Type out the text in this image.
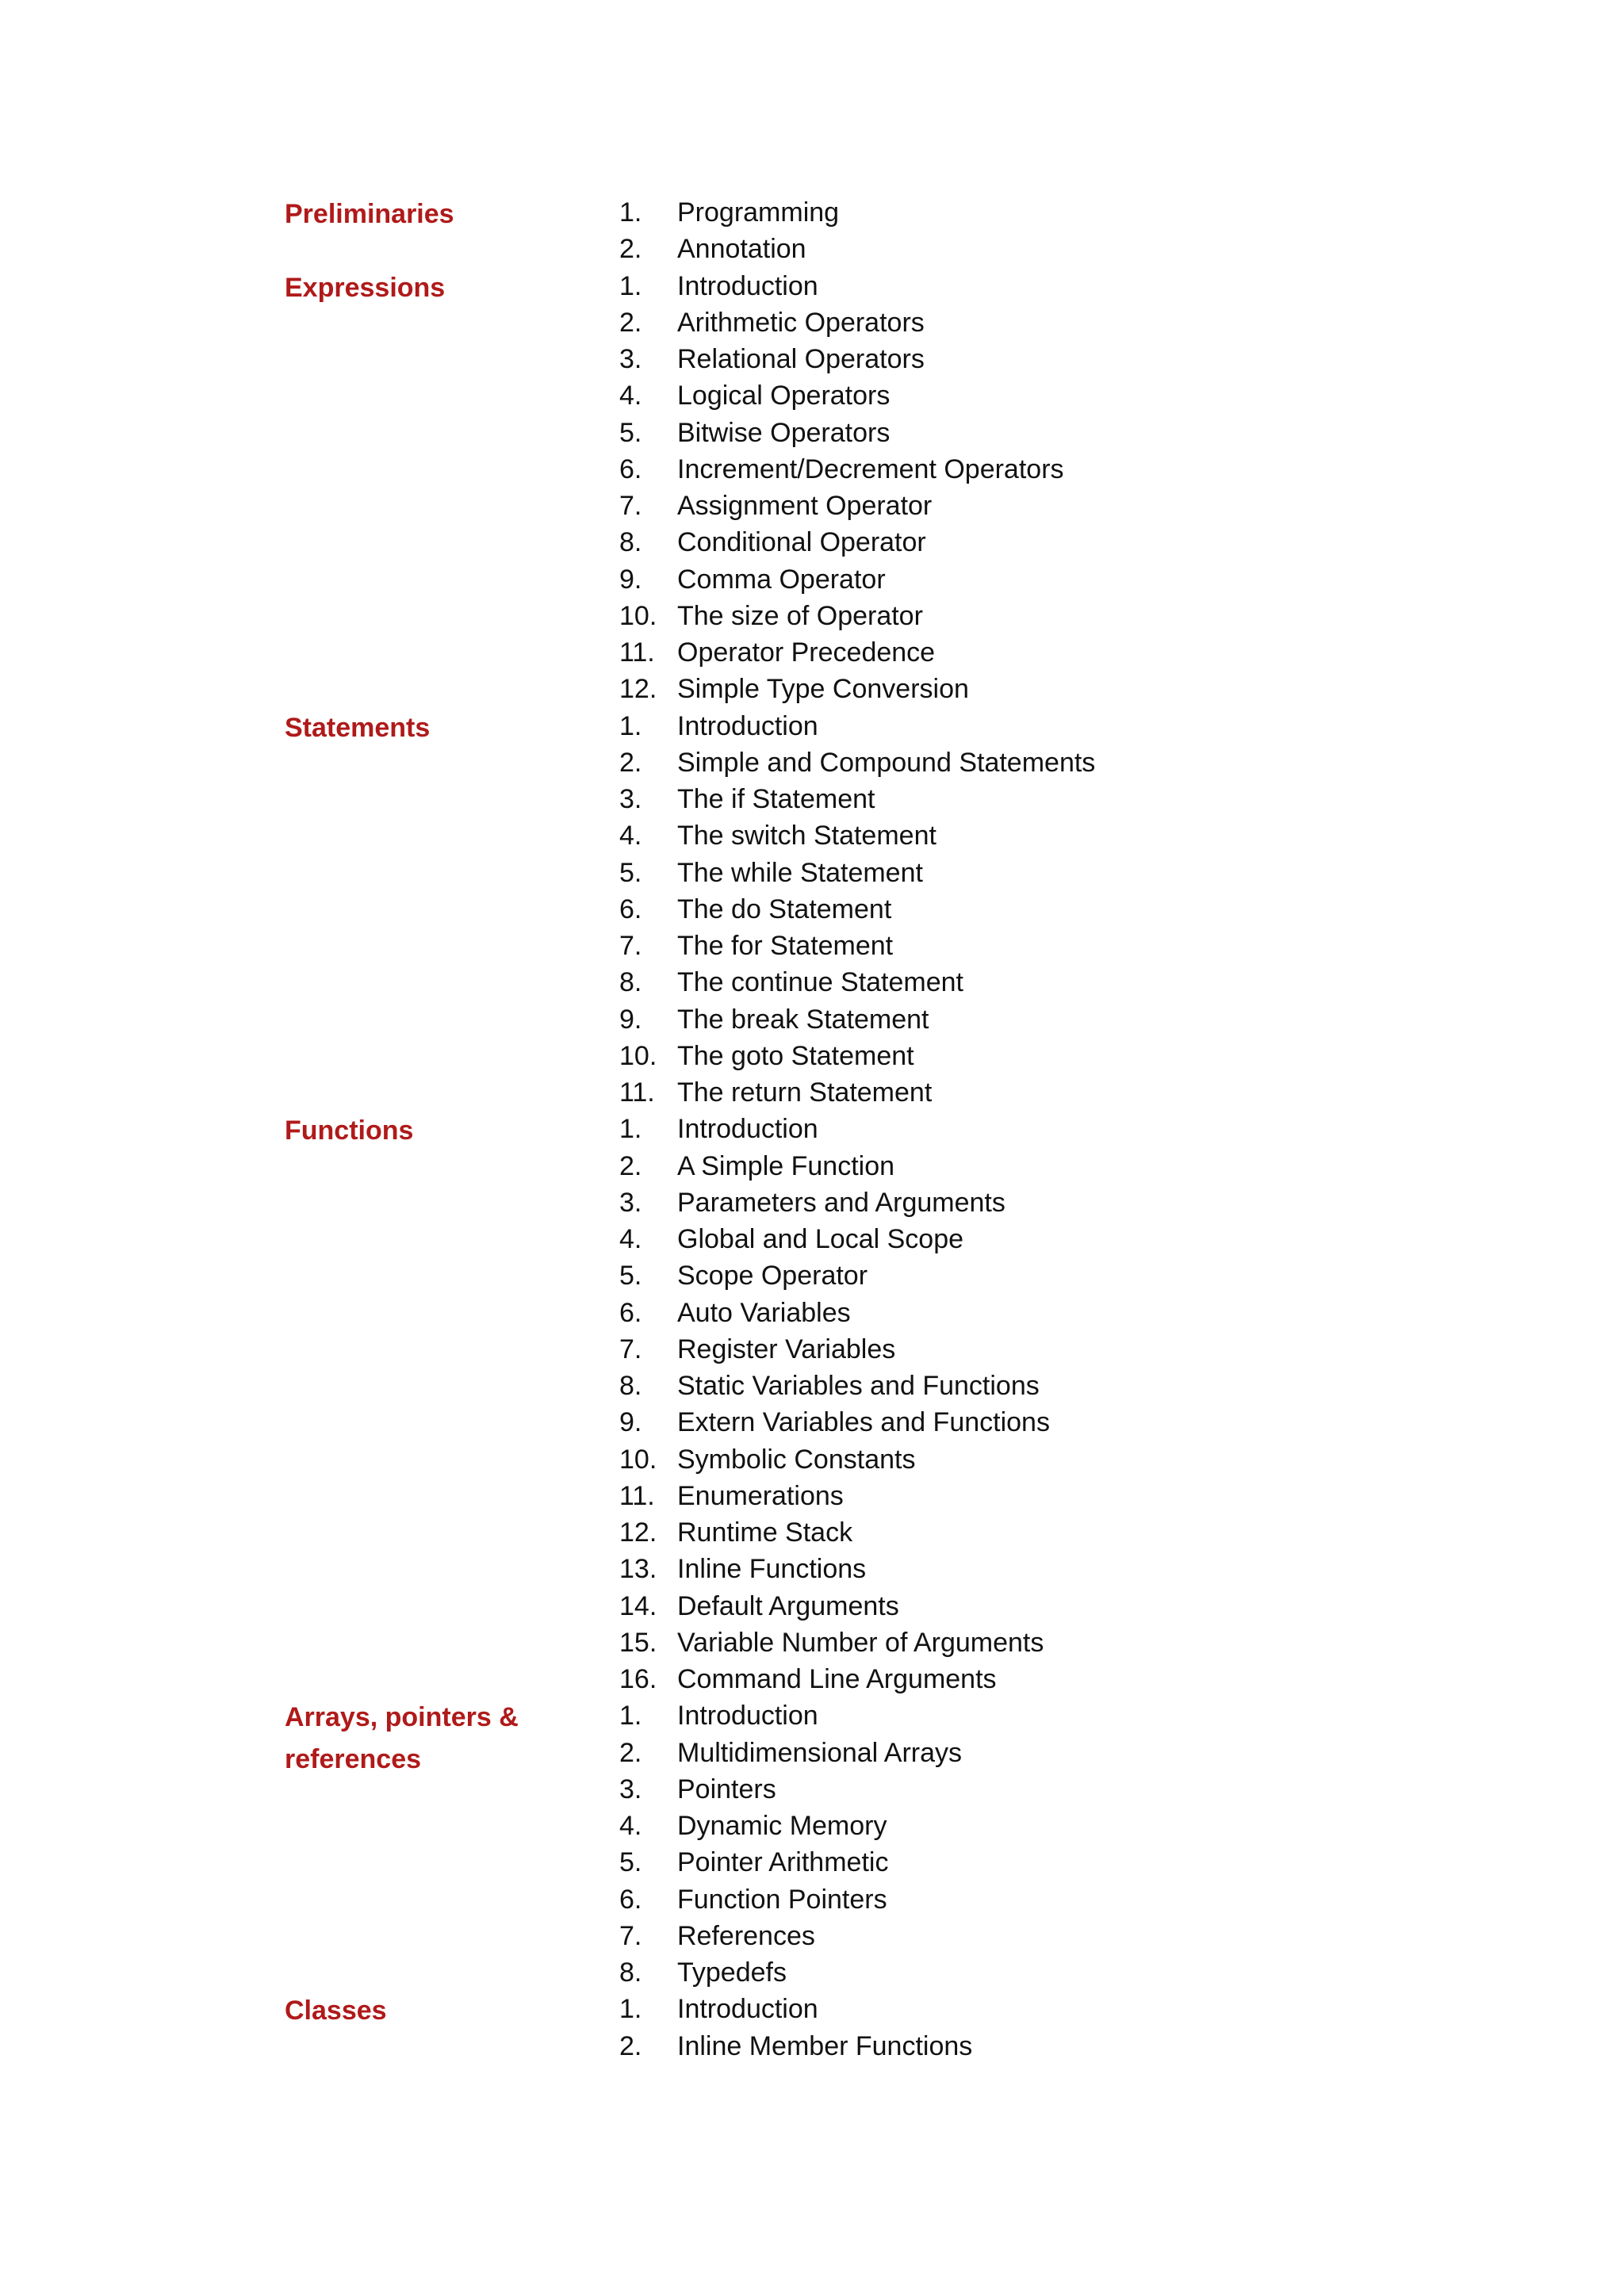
Preliminaries	1.	Programming
2.	Annotation
Expressions	1.	Introduction
2.	Arithmetic Operators
3.	Relational Operators
4.	Logical Operators
5.	Bitwise Operators
6.	Increment/Decrement Operators
7.	Assignment Operator
8.	Conditional Operator
9.	Comma Operator
10. The size of Operator
11. Operator Precedence
12. Simple Type Conversion
Statements	1.	Introduction
2.	Simple and Compound Statements
3.	The if Statement
4.	The switch Statement
5.	The while Statement
6.	The do Statement
7.	The for Statement
8.	The continue Statement
9.	The break Statement
10. The goto Statement
11. The return Statement
Functions	1.	Introduction
2.	A Simple Function
3.	Parameters and Arguments
4.	Global and Local Scope
5.	Scope Operator
6.	Auto Variables
7.	Register Variables
8.	Static Variables and Functions
9.	Extern Variables and Functions
10. Symbolic Constants
11. Enumerations
12. Runtime Stack
13. Inline Functions
14. Default Arguments
15. Variable Number of Arguments
16. Command Line Arguments
Arrays, pointers & references
1.	Introduction
2.	Multidimensional Arrays
3.	Pointers
4.	Dynamic Memory
5.	Pointer Arithmetic
6.	Function Pointers
7.	References
8.	Typedefs
Classes	1.	Introduction
2.	Inline Member Functions
